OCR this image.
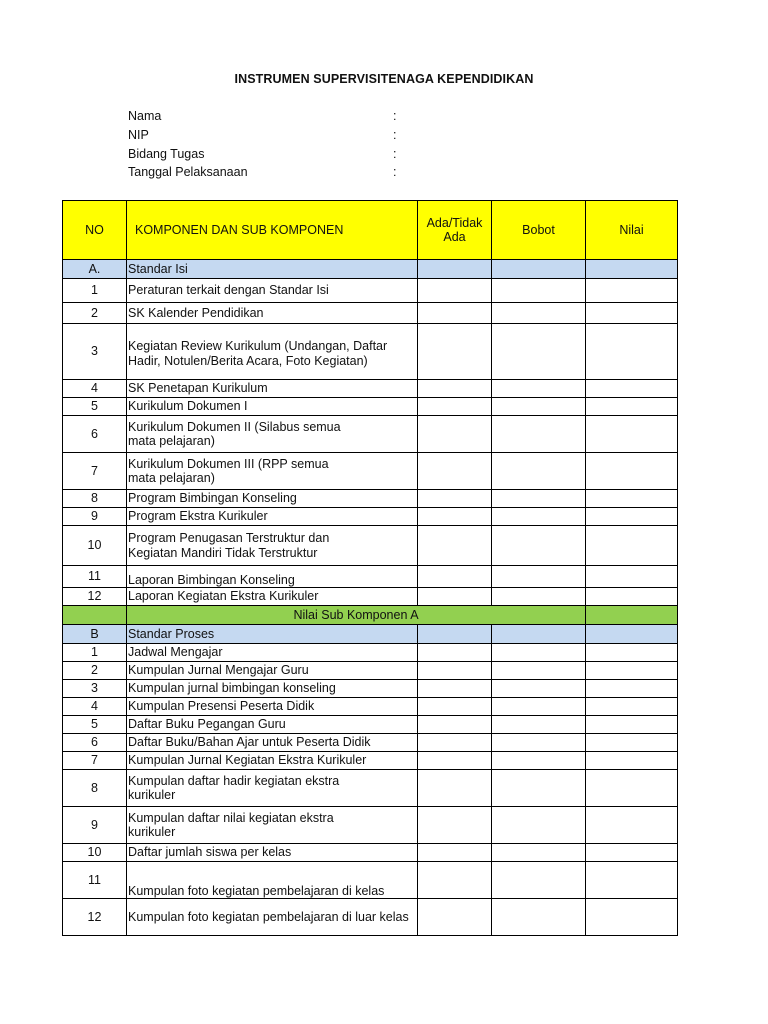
INSTRUMEN SUPERVISITENAGA KEPENDIDIKAN
Nama	:
NIP	:
Bidang Tugas	:
Tanggal Pelaksanaan	:
NO	KOMPONEN DAN SUB KOMPONEN	Ada/Tidak Ada	Bobot	Nilai
A.	Standar Isi			
1	Peraturan terkait dengan Standar Isi			
2	SK Kalender Pendidikan			
3	Kegiatan Review Kurikulum (Undangan, Daftar Hadir, Notulen/Berita Acara, Foto Kegiatan)			
4	SK Penetapan Kurikulum			
5	Kurikulum Dokumen I			
6	Kurikulum Dokumen II (Silabus semua mata pelajaran)			
7	Kurikulum Dokumen III (RPP semua mata pelajaran)			
8	Program Bimbingan Konseling			
9	Program Ekstra Kurikuler			
10	Program Penugasan Terstruktur dan Kegiatan Mandiri Tidak Terstruktur			
11	Laporan Bimbingan Konseling			
12	Laporan Kegiatan Ekstra Kurikuler			
	Nilai Sub Komponen A			
B	Standar Proses			
1	Jadwal Mengajar			
2	Kumpulan Jurnal Mengajar Guru			
3	Kumpulan jurnal bimbingan konseling			
4	Kumpulan Presensi Peserta Didik			
5	Daftar Buku Pegangan Guru			
6	Daftar Buku/Bahan Ajar untuk Peserta Didik			
7	Kumpulan Jurnal Kegiatan Ekstra Kurikuler			
8	Kumpulan daftar hadir kegiatan ekstra kurikuler			
9	Kumpulan daftar nilai kegiatan ekstra kurikuler			
10	Daftar jumlah siswa per kelas			
11	Kumpulan foto kegiatan pembelajaran di kelas			
12	Kumpulan foto kegiatan pembelajaran di luar kelas			
